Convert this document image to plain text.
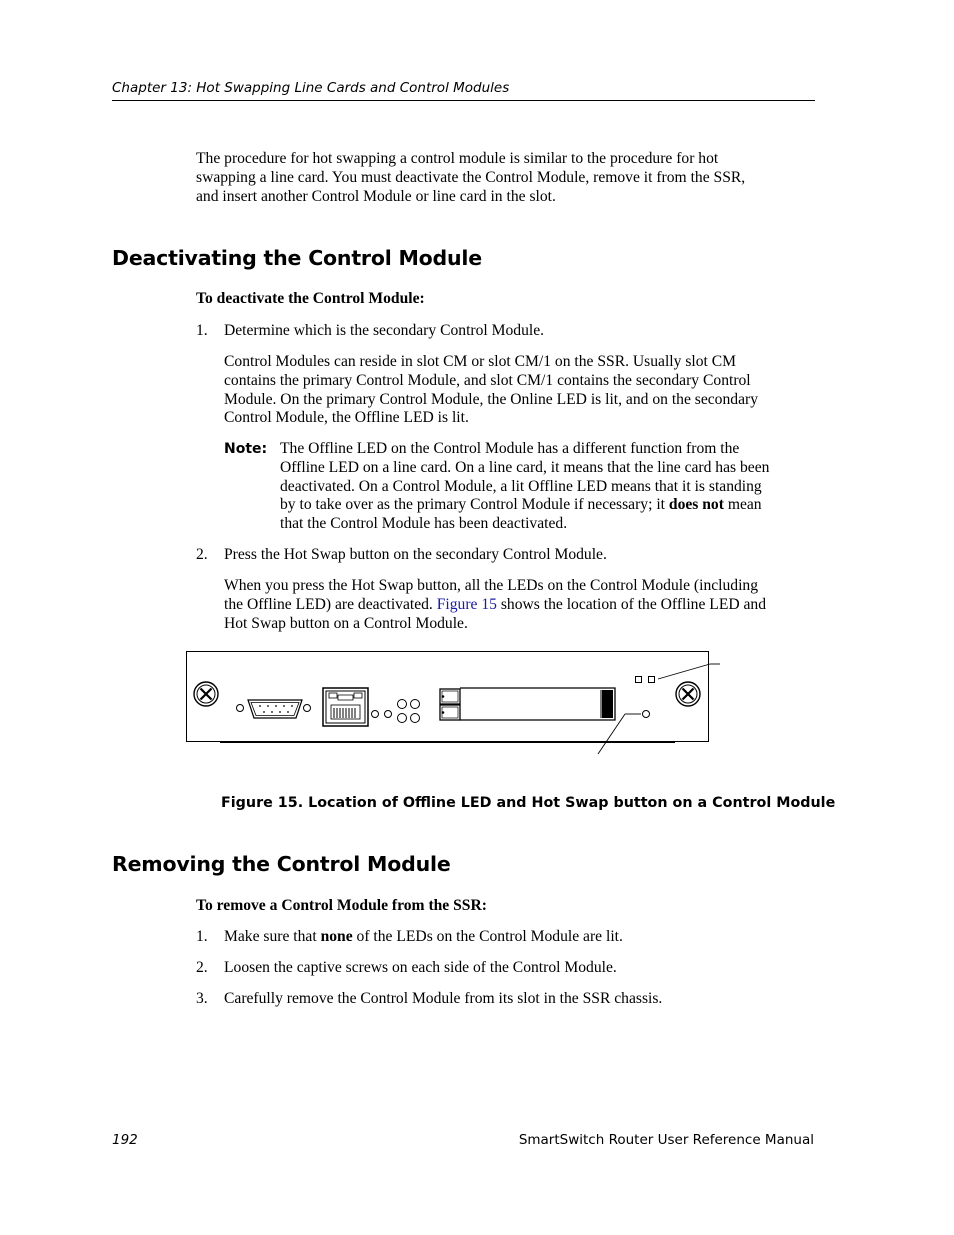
Chapter 13: Hot Swapping Line Cards and Control Modules
The procedure for hot swapping a control module is similar to the procedure for hot
swapping a line card. You must deactivate the Control Module, remove it from the SSR,
and insert another Control Module or line card in the slot.
Deactivating the Control Module
To deactivate the Control Module:
1. Determine which is the secondary Control Module.
Control Modules can reside in slot CM or slot CM/1 on the SSR. Usually slot CM
contains the primary Control Module, and slot CM/1 contains the secondary Control
Module. On the primary Control Module, the Online LED is lit, and on the secondary
Control Module, the Offline LED is lit.
Note: The Offline LED on the Control Module has a different function from the
Offline LED on a line card. On a line card, it means that the line card has been
deactivated. On a Control Module, a lit Offline LED means that it is standing
by to take over as the primary Control Module if necessary; it does not mean
that the Control Module has been deactivated.
2. Press the Hot Swap button on the secondary Control Module.
When you press the Hot Swap button, all the LEDs on the Control Module (including
the Offline LED) are deactivated. Figure 15 shows the location of the Offline LED and
Hot Swap button on a Control Module.
Figure 15. Location of Offline LED and Hot Swap button on a Control Module
Removing the Control Module
To remove a Control Module from the SSR:
1. Make sure that none of the LEDs on the Control Module are lit.
2. Loosen the captive screws on each side of the Control Module.
3. Carefully remove the Control Module from its slot in the SSR chassis.
192	SmartSwitch Router User Reference Manual
